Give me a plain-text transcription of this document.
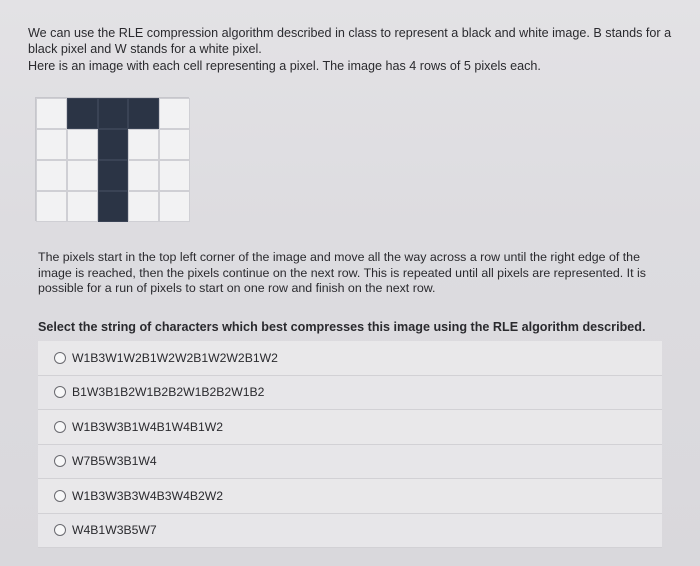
We can use the RLE compression algorithm described in class to represent a black and white image. B stands for a black pixel and W stands for a white pixel.

Here is an image with each cell representing a pixel. The image has 4 rows of 5 pixels each.

The pixels start in the top left corner of the image and move all the way across a row until the right edge of the image is reached, then the pixels continue on the next row. This is repeated until all pixels are represented. It is possible for a run of pixels to start on one row and finish on the next row.
Select the string of characters which best compresses this image using the RLE algorithm described.
W1B3W1W2B1W2W2B1W2W2B1W2
B1W3B1B2W1B2B2W1B2B2W1B2
W1B3W3B1W4B1W4B1W2
W7B5W3B1W4
W1B3W3B3W4B3W4B2W2
W4B1W3B5W7
